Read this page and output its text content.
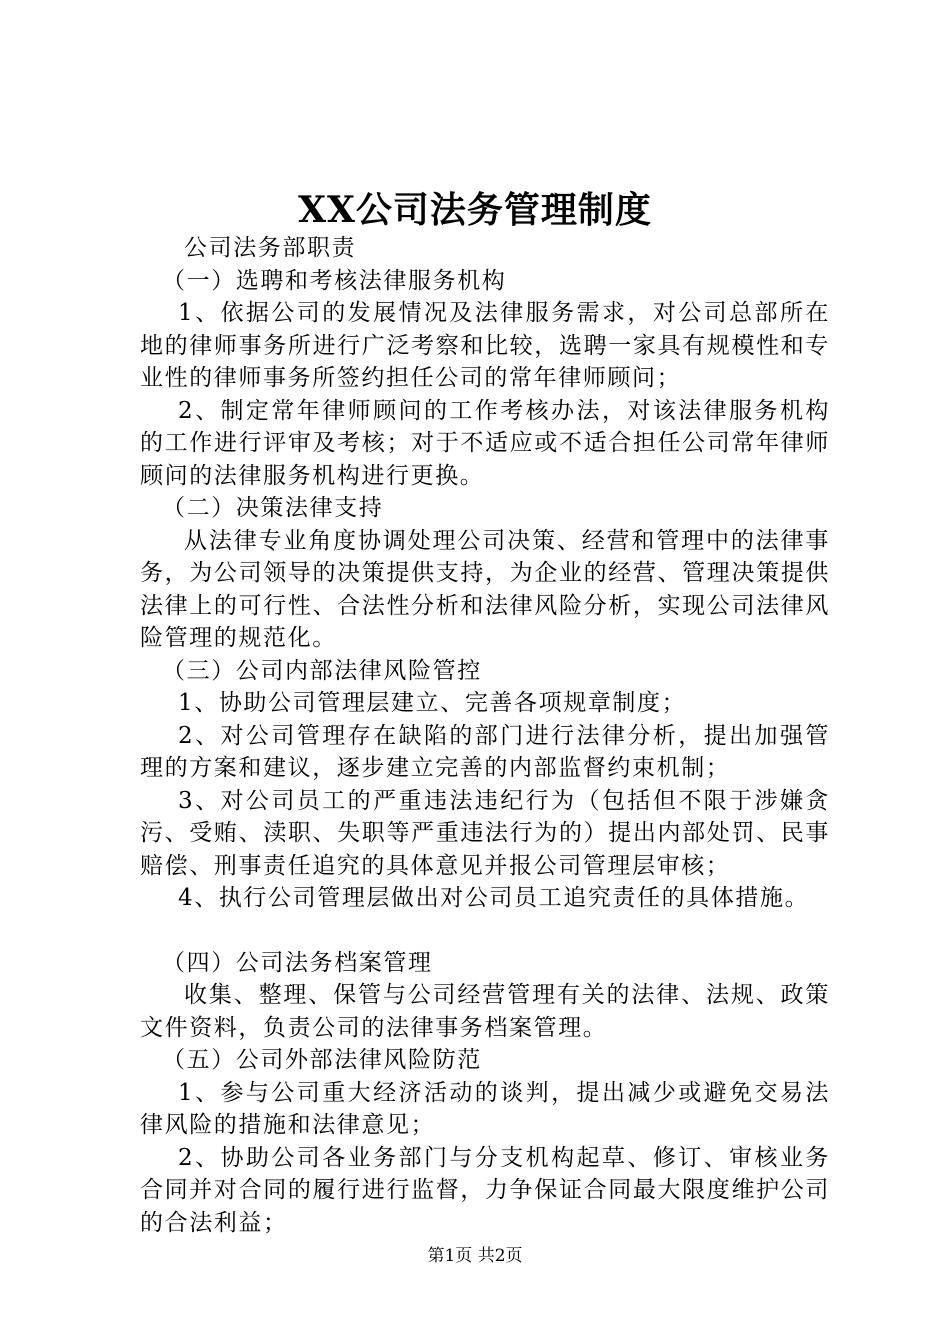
XX公司法务管理制度

公司法务部职责

（一）选聘和考核法律服务机构

1、依据公司的发展情况及法律服务需求，对公司总部所在地的律师事务所进行广泛考察和比较，选聘一家具有规模性和专业性的律师事务所签约担任公司的常年律师顾问；

2、制定常年律师顾问的工作考核办法，对该法律服务机构的工作进行评审及考核；对于不适应或不适合担任公司常年律师顾问的法律服务机构进行更换。

（二）决策法律支持

从法律专业角度协调处理公司决策、经营和管理中的法律事务，为公司领导的决策提供支持，为企业的经营、管理决策提供法律上的可行性、合法性分析和法律风险分析，实现公司法律风险管理的规范化。

（三）公司内部法律风险管控

1、协助公司管理层建立、完善各项规章制度；

2、对公司管理存在缺陷的部门进行法律分析，提出加强管理的方案和建议，逐步建立完善的内部监督约束机制；

3、对公司员工的严重违法违纪行为（包括但不限于涉嫌贪污、受贿、渎职、失职等严重违法行为的）提出内部处罚、民事赔偿、刑事责任追究的具体意见并报公司管理层审核；

4、执行公司管理层做出对公司员工追究责任的具体措施。

（四）公司法务档案管理

收集、整理、保管与公司经营管理有关的法律、法规、政策文件资料，负责公司的法律事务档案管理。

（五）公司外部法律风险防范

1、参与公司重大经济活动的谈判，提出减少或避免交易法律风险的措施和法律意见；

2、协助公司各业务部门与分支机构起草、修订、审核业务合同并对合同的履行进行监督，力争保证合同最大限度维护公司的合法利益；

第1页 共2页
